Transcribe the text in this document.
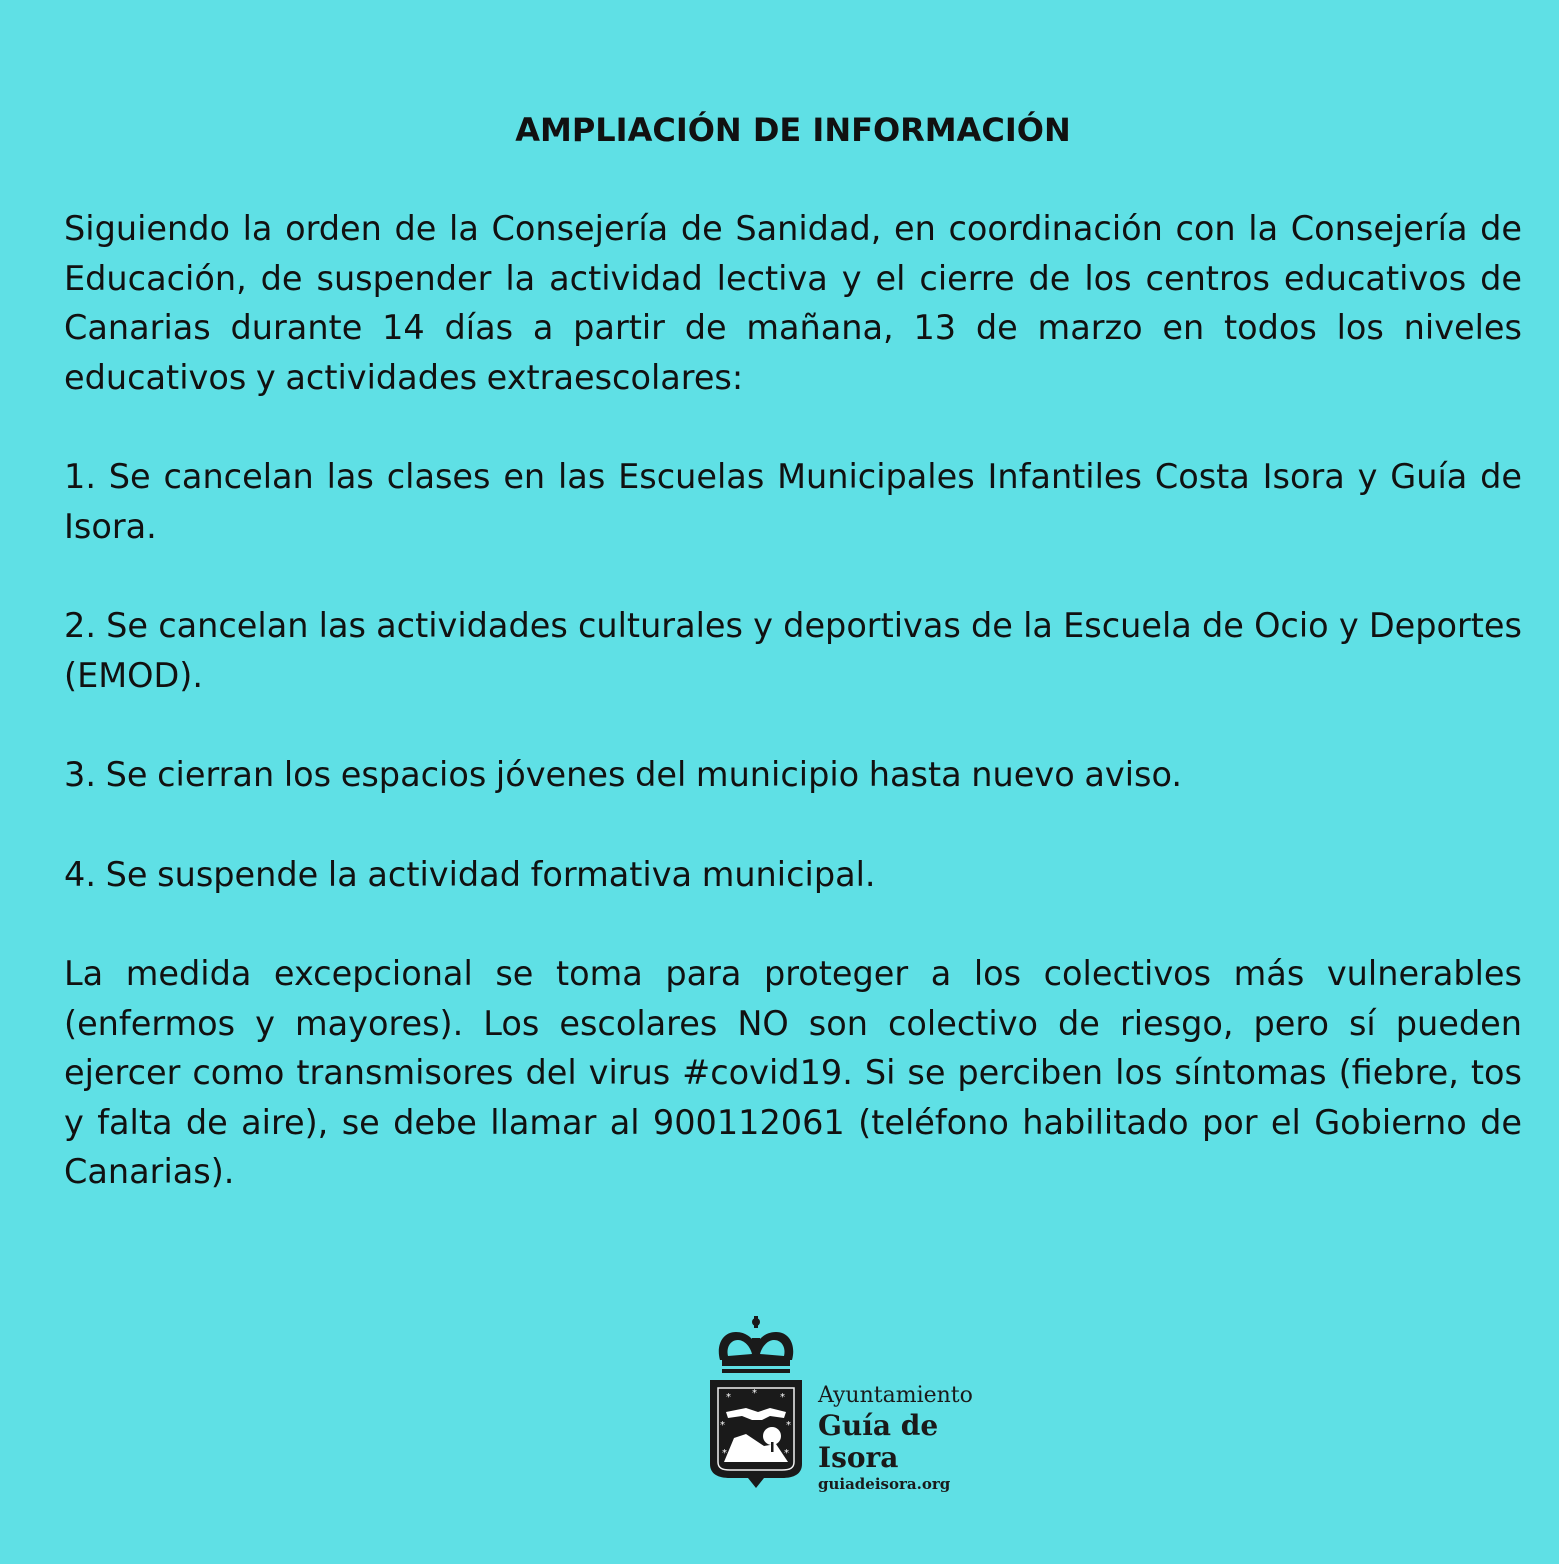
AMPLIACIÓN DE INFORMACIÓN

Siguiendo la orden de la Consejería de Sanidad, en coordinación con la Consejería de Educación, de suspender la actividad lectiva y el cierre de los centros educativos de Canarias durante 14 días a partir de mañana, 13 de marzo en todos los niveles educativos y actividades extraescolares:

1. Se cancelan las clases en las Escuelas Municipales Infantiles Costa Isora y Guía de Isora.

2. Se cancelan las actividades culturales y deportivas de la Escuela de Ocio y Deportes (EMOD).

3. Se cierran los espacios jóvenes del municipio hasta nuevo aviso.

4. Se suspende la actividad formativa municipal.

La medida excepcional se toma para proteger a los colectivos más vulnerables (enfermos y mayores). Los escolares NO son colectivo de riesgo, pero sí pueden ejercer como transmisores del virus #covid19. Si se perciben los síntomas (fiebre, tos y falta de aire), se debe llamar al 900112061 (teléfono habilitado por el Gobierno de Canarias).

* * *
*	*
*	*
Ayuntamiento
Guía de Isora
guiadeisora.org
